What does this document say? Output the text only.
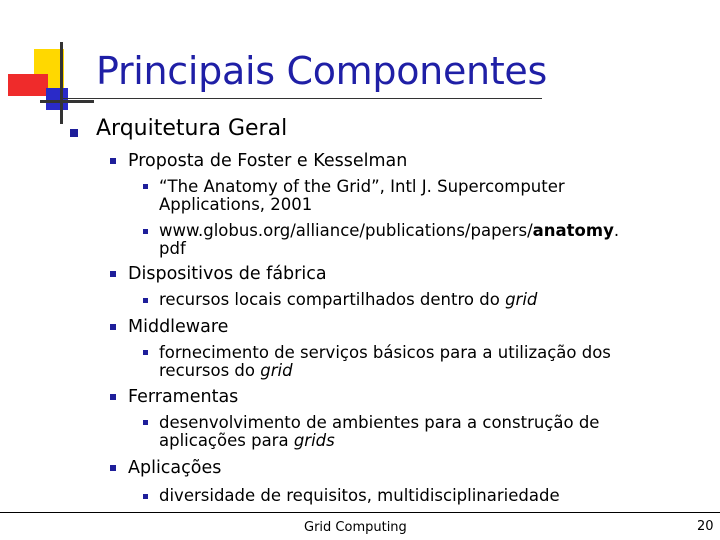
Principais Componentes
Arquitetura Geral
Proposta de Foster e Kesselman
“The Anatomy of the Grid”, Intl J. Supercomputer
Applications, 2001
www.globus.org/alliance/publications/papers/anatomy.
pdf
Dispositivos de fábrica
recursos locais compartilhados dentro do grid
Middleware
fornecimento de serviços básicos para a utilização dos
recursos do grid
Ferramentas
desenvolvimento de ambientes para a construção de
aplicações para grids
Aplicações
diversidade de requisitos, multidisciplinariedade
Grid Computing	20
